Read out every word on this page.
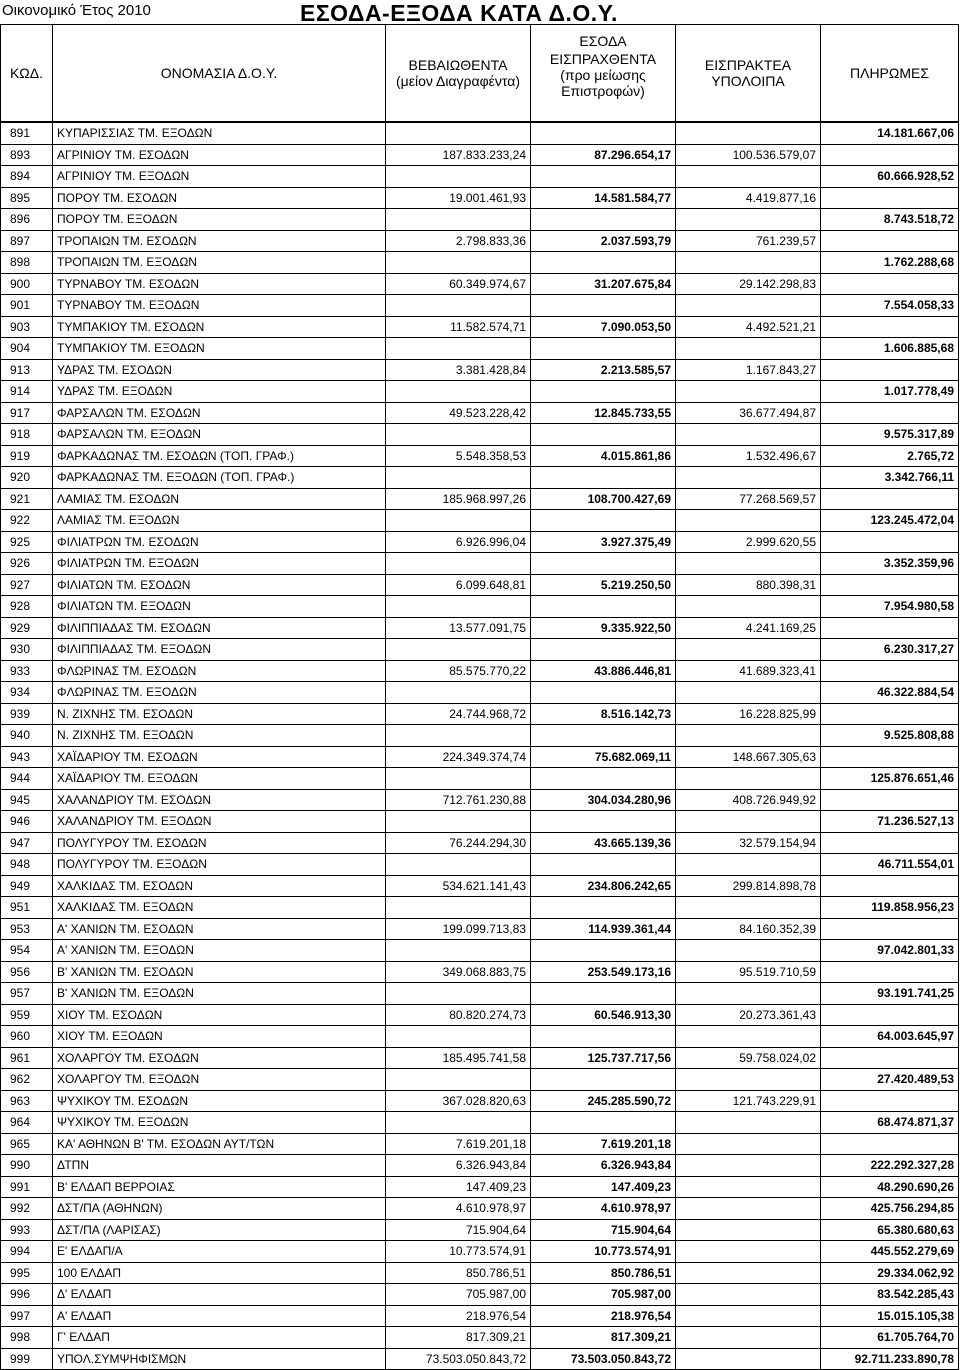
Οικονομικό Έτος 2010	ΕΣΟΔΑ-ΕΞΟΔΑ ΚΑΤΑ Δ.Ο.Υ.
ΚΩΔ.	ΟΝΟΜΑΣΙΑ Δ.Ο.Υ.	ΒΕΒΑΙΩΘΕΝΤΑ
(μείον Διαγραφέντα)	ΕΣΟΔΑ
ΕΙΣΠΡΑΧΘΕΝΤΑ
(προ μείωσης
Επιστροφών)	ΕΙΣΠΡΑΚΤΕΑ
ΥΠΟΛΟΙΠΑ	ΠΛΗΡΩΜΕΣ
891	ΚΥΠΑΡΙΣΣΙΑΣ ΤΜ. ΕΞΟΔΩΝ				14.181.667,06
893	ΑΓΡΙΝΙΟΥ ΤΜ. ΕΣΟΔΩΝ	187.833.233,24	87.296.654,17	100.536.579,07	
894	ΑΓΡΙΝΙΟΥ ΤΜ. ΕΞΟΔΩΝ				60.666.928,52
895	ΠΟΡΟΥ ΤΜ. ΕΣΟΔΩΝ	19.001.461,93	14.581.584,77	4.419.877,16	
896	ΠΟΡΟΥ ΤΜ. ΕΞΟΔΩΝ				8.743.518,72
897	ΤΡΟΠΑΙΩΝ ΤΜ. ΕΣΟΔΩΝ	2.798.833,36	2.037.593,79	761.239,57	
898	ΤΡΟΠΑΙΩΝ ΤΜ. ΕΞΟΔΩΝ				1.762.288,68
900	ΤΥΡΝΑΒΟΥ ΤΜ. ΕΣΟΔΩΝ	60.349.974,67	31.207.675,84	29.142.298,83	
901	ΤΥΡΝΑΒΟΥ ΤΜ. ΕΞΟΔΩΝ				7.554.058,33
903	ΤΥΜΠΑΚΙΟΥ ΤΜ. ΕΣΟΔΩΝ	11.582.574,71	7.090.053,50	4.492.521,21	
904	ΤΥΜΠΑΚΙΟΥ ΤΜ. ΕΞΟΔΩΝ				1.606.885,68
913	ΥΔΡΑΣ ΤΜ. ΕΣΟΔΩΝ	3.381.428,84	2.213.585,57	1.167.843,27	
914	ΥΔΡΑΣ ΤΜ. ΕΞΟΔΩΝ				1.017.778,49
917	ΦΑΡΣΑΛΩΝ ΤΜ. ΕΣΟΔΩΝ	49.523.228,42	12.845.733,55	36.677.494,87	
918	ΦΑΡΣΑΛΩΝ ΤΜ. ΕΞΟΔΩΝ				9.575.317,89
919	ΦΑΡΚΑΔΩΝΑΣ ΤΜ. ΕΣΟΔΩΝ (ΤΟΠ. ΓΡΑΦ.)	5.548.358,53	4.015.861,86	1.532.496,67	2.765,72
920	ΦΑΡΚΑΔΩΝΑΣ ΤΜ. ΕΞΟΔΩΝ (ΤΟΠ. ΓΡΑΦ.)				3.342.766,11
921	ΛΑΜΙΑΣ ΤΜ. ΕΣΟΔΩΝ	185.968.997,26	108.700.427,69	77.268.569,57	
922	ΛΑΜΙΑΣ ΤΜ. ΕΞΟΔΩΝ				123.245.472,04
925	ΦΙΛΙΑΤΡΩΝ ΤΜ. ΕΣΟΔΩΝ	6.926.996,04	3.927.375,49	2.999.620,55	
926	ΦΙΛΙΑΤΡΩΝ ΤΜ. ΕΞΟΔΩΝ				3.352.359,96
927	ΦΙΛΙΑΤΩΝ ΤΜ. ΕΣΟΔΩΝ	6.099.648,81	5.219.250,50	880.398,31	
928	ΦΙΛΙΑΤΩΝ ΤΜ. ΕΞΟΔΩΝ				7.954.980,58
929	ΦΙΛΙΠΠΙΑΔΑΣ ΤΜ. ΕΣΟΔΩΝ	13.577.091,75	9.335.922,50	4.241.169,25	
930	ΦΙΛΙΠΠΙΑΔΑΣ ΤΜ. ΕΞΟΔΩΝ				6.230.317,27
933	ΦΛΩΡΙΝΑΣ ΤΜ. ΕΣΟΔΩΝ	85.575.770,22	43.886.446,81	41.689.323,41	
934	ΦΛΩΡΙΝΑΣ ΤΜ. ΕΞΟΔΩΝ				46.322.884,54
939	Ν. ΖΙΧΝΗΣ ΤΜ. ΕΣΟΔΩΝ	24.744.968,72	8.516.142,73	16.228.825,99	
940	Ν. ΖΙΧΝΗΣ ΤΜ. ΕΞΟΔΩΝ				9.525.808,88
943	ΧΑΪΔΑΡΙΟΥ ΤΜ. ΕΣΟΔΩΝ	224.349.374,74	75.682.069,11	148.667.305,63	
944	ΧΑΪΔΑΡΙΟΥ ΤΜ. ΕΞΟΔΩΝ				125.876.651,46
945	ΧΑΛΑΝΔΡΙΟΥ ΤΜ. ΕΣΟΔΩΝ	712.761.230,88	304.034.280,96	408.726.949,92	
946	ΧΑΛΑΝΔΡΙΟΥ ΤΜ. ΕΞΟΔΩΝ				71.236.527,13
947	ΠΟΛΥΓΥΡΟΥ ΤΜ. ΕΣΟΔΩΝ	76.244.294,30	43.665.139,36	32.579.154,94	
948	ΠΟΛΥΓΥΡΟΥ ΤΜ. ΕΞΟΔΩΝ				46.711.554,01
949	ΧΑΛΚΙΔΑΣ ΤΜ. ΕΣΟΔΩΝ	534.621.141,43	234.806.242,65	299.814.898,78	
951	ΧΑΛΚΙΔΑΣ ΤΜ. ΕΞΟΔΩΝ				119.858.956,23
953	Α' ΧΑΝΙΩΝ ΤΜ. ΕΣΟΔΩΝ	199.099.713,83	114.939.361,44	84.160.352,39	
954	Α' ΧΑΝΙΩΝ ΤΜ. ΕΞΟΔΩΝ				97.042.801,33
956	Β' ΧΑΝΙΩΝ ΤΜ. ΕΣΟΔΩΝ	349.068.883,75	253.549.173,16	95.519.710,59	
957	Β' ΧΑΝΙΩΝ ΤΜ. ΕΞΟΔΩΝ				93.191.741,25
959	ΧΙΟΥ ΤΜ. ΕΣΟΔΩΝ	80.820.274,73	60.546.913,30	20.273.361,43	
960	ΧΙΟΥ ΤΜ. ΕΞΟΔΩΝ				64.003.645,97
961	ΧΟΛΑΡΓΟΥ ΤΜ. ΕΣΟΔΩΝ	185.495.741,58	125.737.717,56	59.758.024,02	
962	ΧΟΛΑΡΓΟΥ ΤΜ. ΕΞΟΔΩΝ				27.420.489,53
963	ΨΥΧΙΚΟΥ ΤΜ. ΕΣΟΔΩΝ	367.028.820,63	245.285.590,72	121.743.229,91	
964	ΨΥΧΙΚΟΥ ΤΜ. ΕΞΟΔΩΝ				68.474.871,37
965	ΚΑ' ΑΘΗΝΩΝ Β' ΤΜ. ΕΣΟΔΩΝ ΑΥΤ/ΤΩΝ	7.619.201,18	7.619.201,18		
990	ΔΤΠΝ	6.326.943,84	6.326.943,84		222.292.327,28
991	Β' ΕΛΔΑΠ ΒΕΡΡΟΙΑΣ	147.409,23	147.409,23		48.290.690,26
992	ΔΣΤ/ΠΑ (ΑΘΗΝΩΝ)	4.610.978,97	4.610.978,97		425.756.294,85
993	ΔΣΤ/ΠΑ (ΛΑΡΙΣΑΣ)	715.904,64	715.904,64		65.380.680,63
994	Ε' ΕΛΔΑΠ/Α	10.773.574,91	10.773.574,91		445.552.279,69
995	100 ΕΛΔΑΠ	850.786,51	850.786,51		29.334.062,92
996	Δ' ΕΛΔΑΠ	705.987,00	705.987,00		83.542.285,43
997	Α' ΕΛΔΑΠ	218.976,54	218.976,54		15.015.105,38
998	Γ' ΕΛΔΑΠ	817.309,21	817.309,21		61.705.764,70
999	ΥΠΟΛ.ΣΥΜΨΗΦΙΣΜΩΝ	73.503.050.843,72	73.503.050.843,72		92.711.233.890,78
